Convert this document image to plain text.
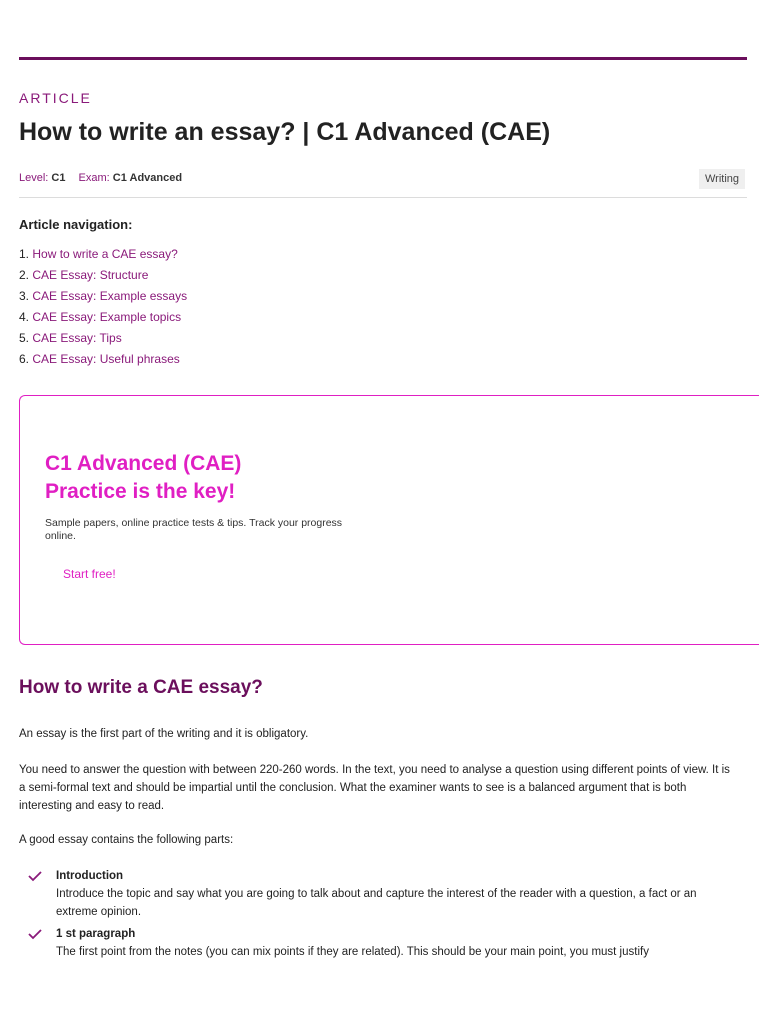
ARTICLE
How to write an essay? | C1 Advanced (CAE)
Level: C1 Exam: C1 Advanced	Writing
Article navigation:
1. How to write a CAE essay?
2. CAE Essay: Structure
3. CAE Essay: Example essays
4. CAE Essay: Example topics
5. CAE Essay: Tips
6. CAE Essay: Useful phrases
C1 Advanced (CAE)
Practice is the key!
Sample papers, online practice tests & tips. Track your progress online.
Start free!
How to write a CAE essay?

An essay is the first part of the writing and it is obligatory.

You need to answer the question with between 220-260 words. In the text, you need to analyse a question using different points of view. It is a semi-formal text and should be impartial until the conclusion. What the examiner wants to see is a balanced argument that is both interesting and easy to read.

A good essay contains the following parts:

Introduction
Introduce the topic and say what you are going to talk about and capture the interest of the reader with a question, a fact or an extreme opinion.
1 st paragraph
The first point from the notes (you can mix points if they are related). This should be your main point, you must justify
